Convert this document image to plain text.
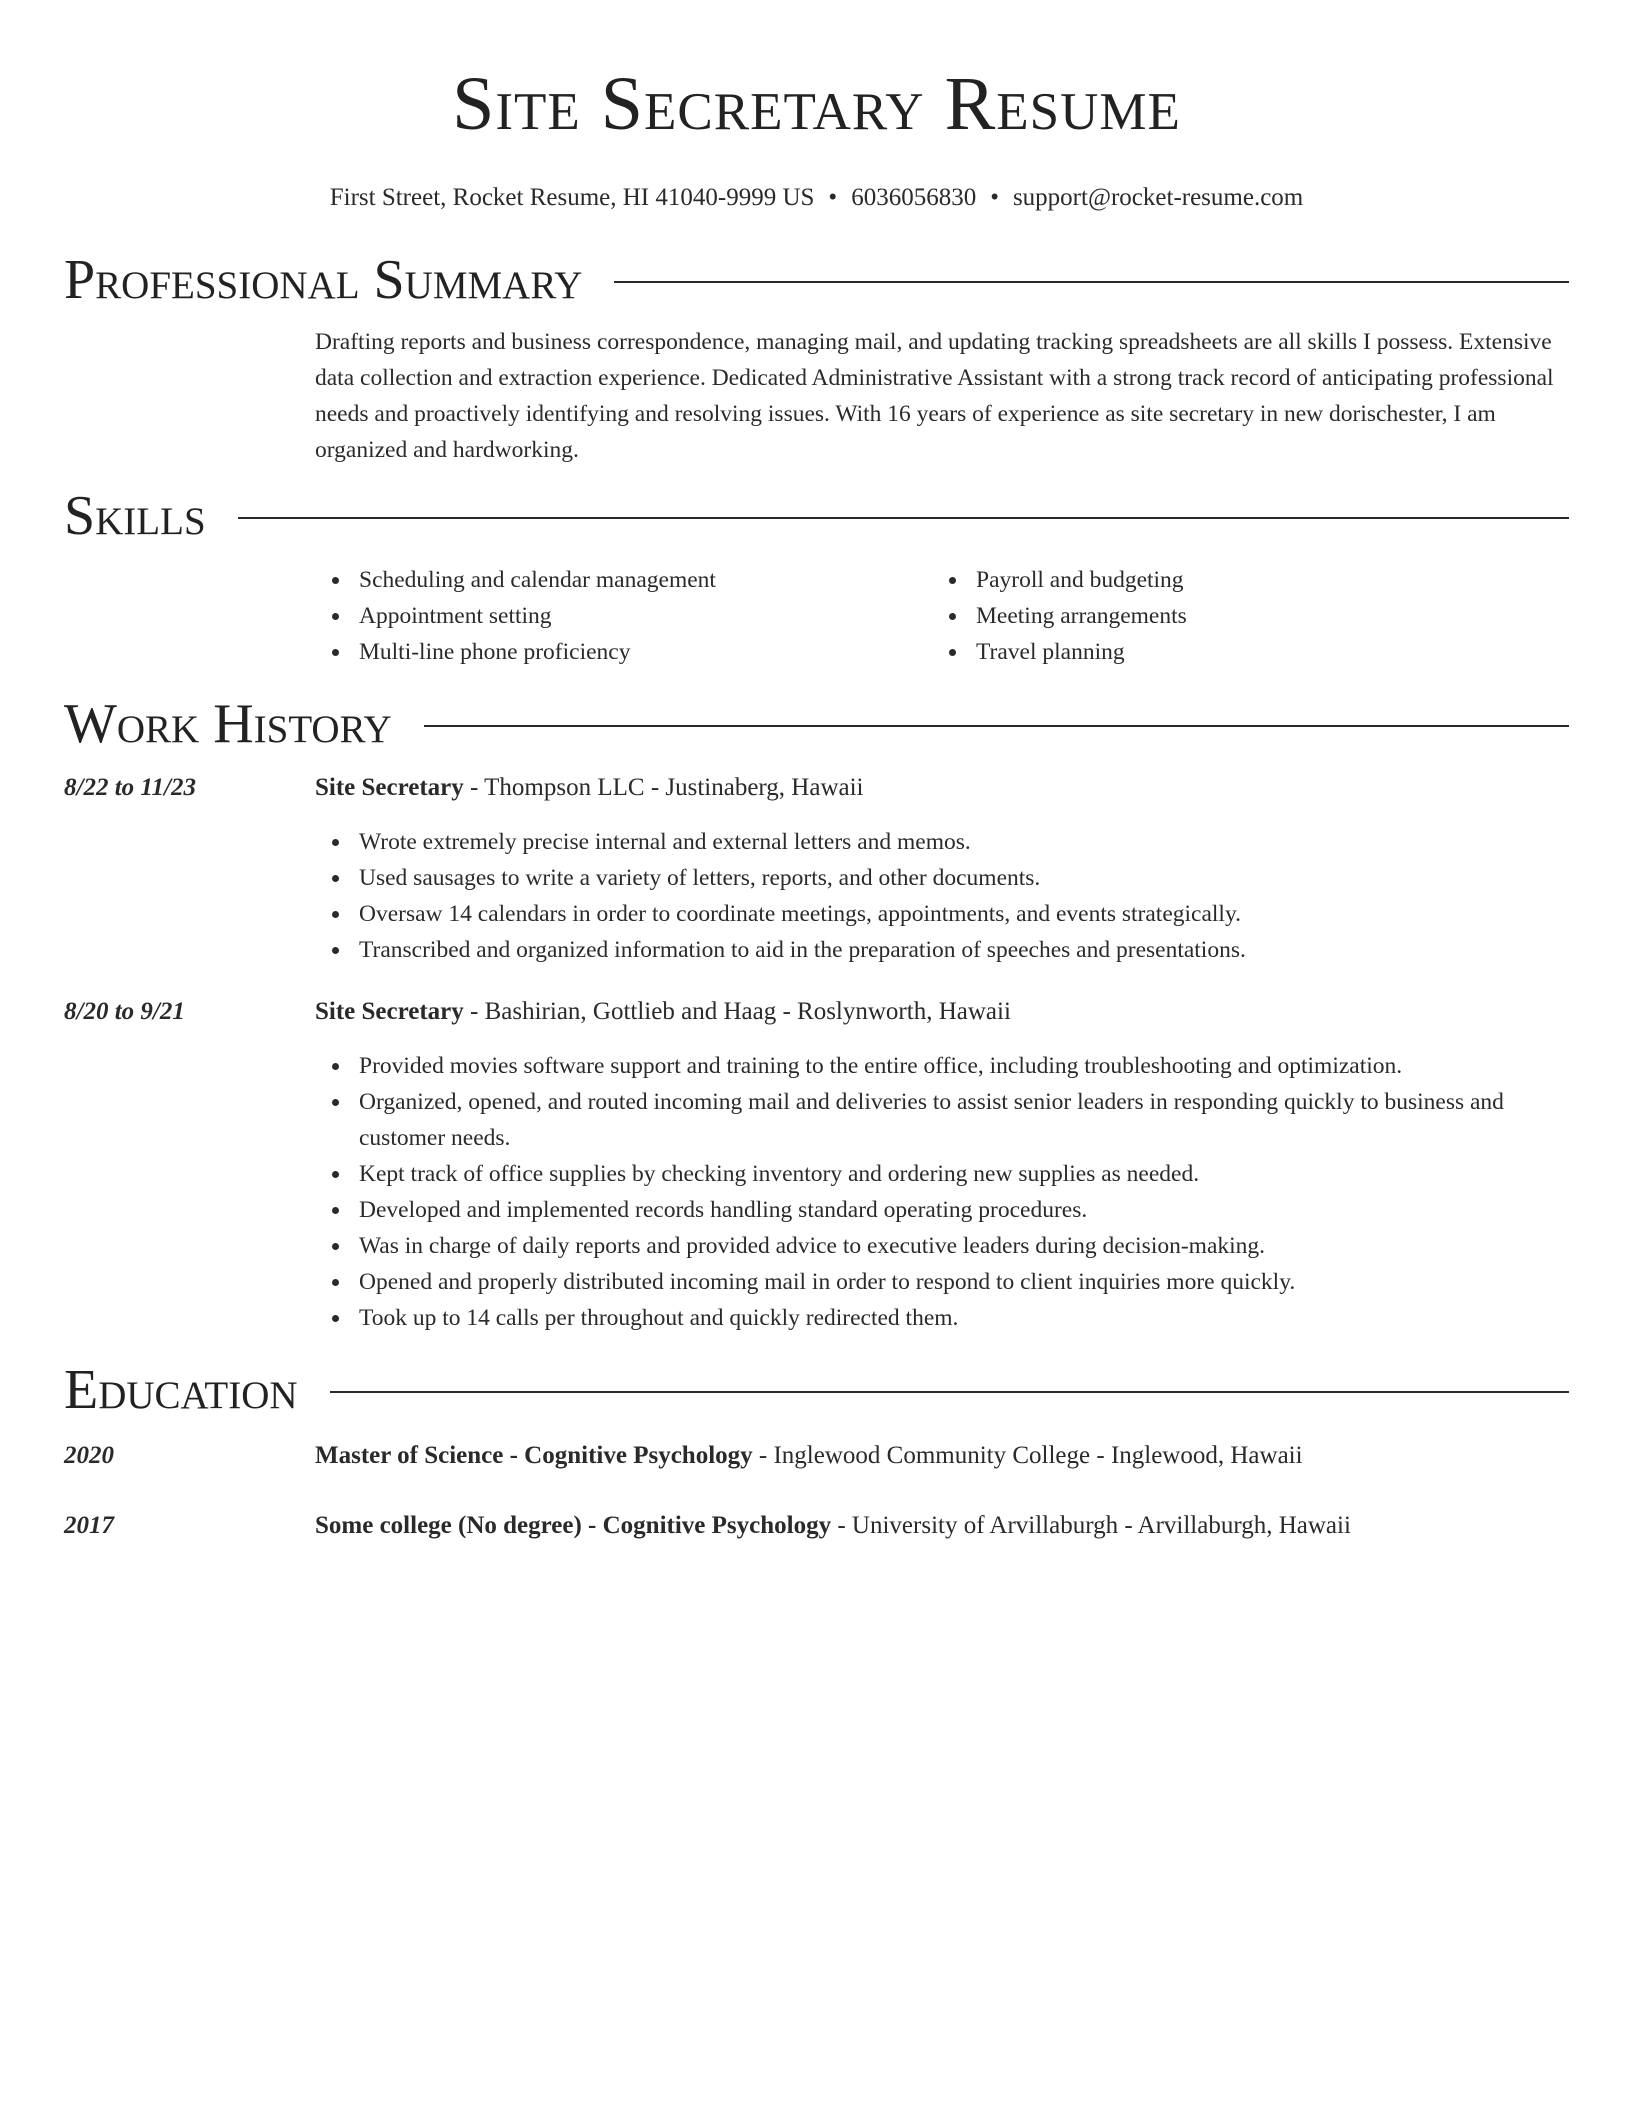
Site Secretary Resume
First Street, Rocket Resume, HI 41040-9999 US • 6036056830 • support@rocket-resume.com
Professional Summary

Drafting reports and business correspondence, managing mail, and updating tracking spreadsheets are all skills I possess. Extensive data collection and extraction experience. Dedicated Administrative Assistant with a strong track record of anticipating professional needs and proactively identifying and resolving issues. With 16 years of experience as site secretary in new dorischester, I am organized and hardworking.

Skills
Scheduling and calendar management
Appointment setting
Multi-line phone proficiency
Payroll and budgeting
Meeting arrangements
Travel planning
Work History
8/22 to 11/23	Site Secretary - Thompson LLC - Justinaberg, Hawaii
Wrote extremely precise internal and external letters and memos.
Used sausages to write a variety of letters, reports, and other documents.
Oversaw 14 calendars in order to coordinate meetings, appointments, and events strategically.
Transcribed and organized information to aid in the preparation of speeches and presentations.
8/20 to 9/21	Site Secretary - Bashirian, Gottlieb and Haag - Roslynworth, Hawaii
Provided movies software support and training to the entire office, including troubleshooting and optimization.
Organized, opened, and routed incoming mail and deliveries to assist senior leaders in responding quickly to business and customer needs.
Kept track of office supplies by checking inventory and ordering new supplies as needed.
Developed and implemented records handling standard operating procedures.
Was in charge of daily reports and provided advice to executive leaders during decision-making.
Opened and properly distributed incoming mail in order to respond to client inquiries more quickly.
Took up to 14 calls per throughout and quickly redirected them.
Education
2020	Master of Science - Cognitive Psychology - Inglewood Community College - Inglewood, Hawaii
2017	Some college (No degree) - Cognitive Psychology - University of Arvillaburgh - Arvillaburgh, Hawaii
